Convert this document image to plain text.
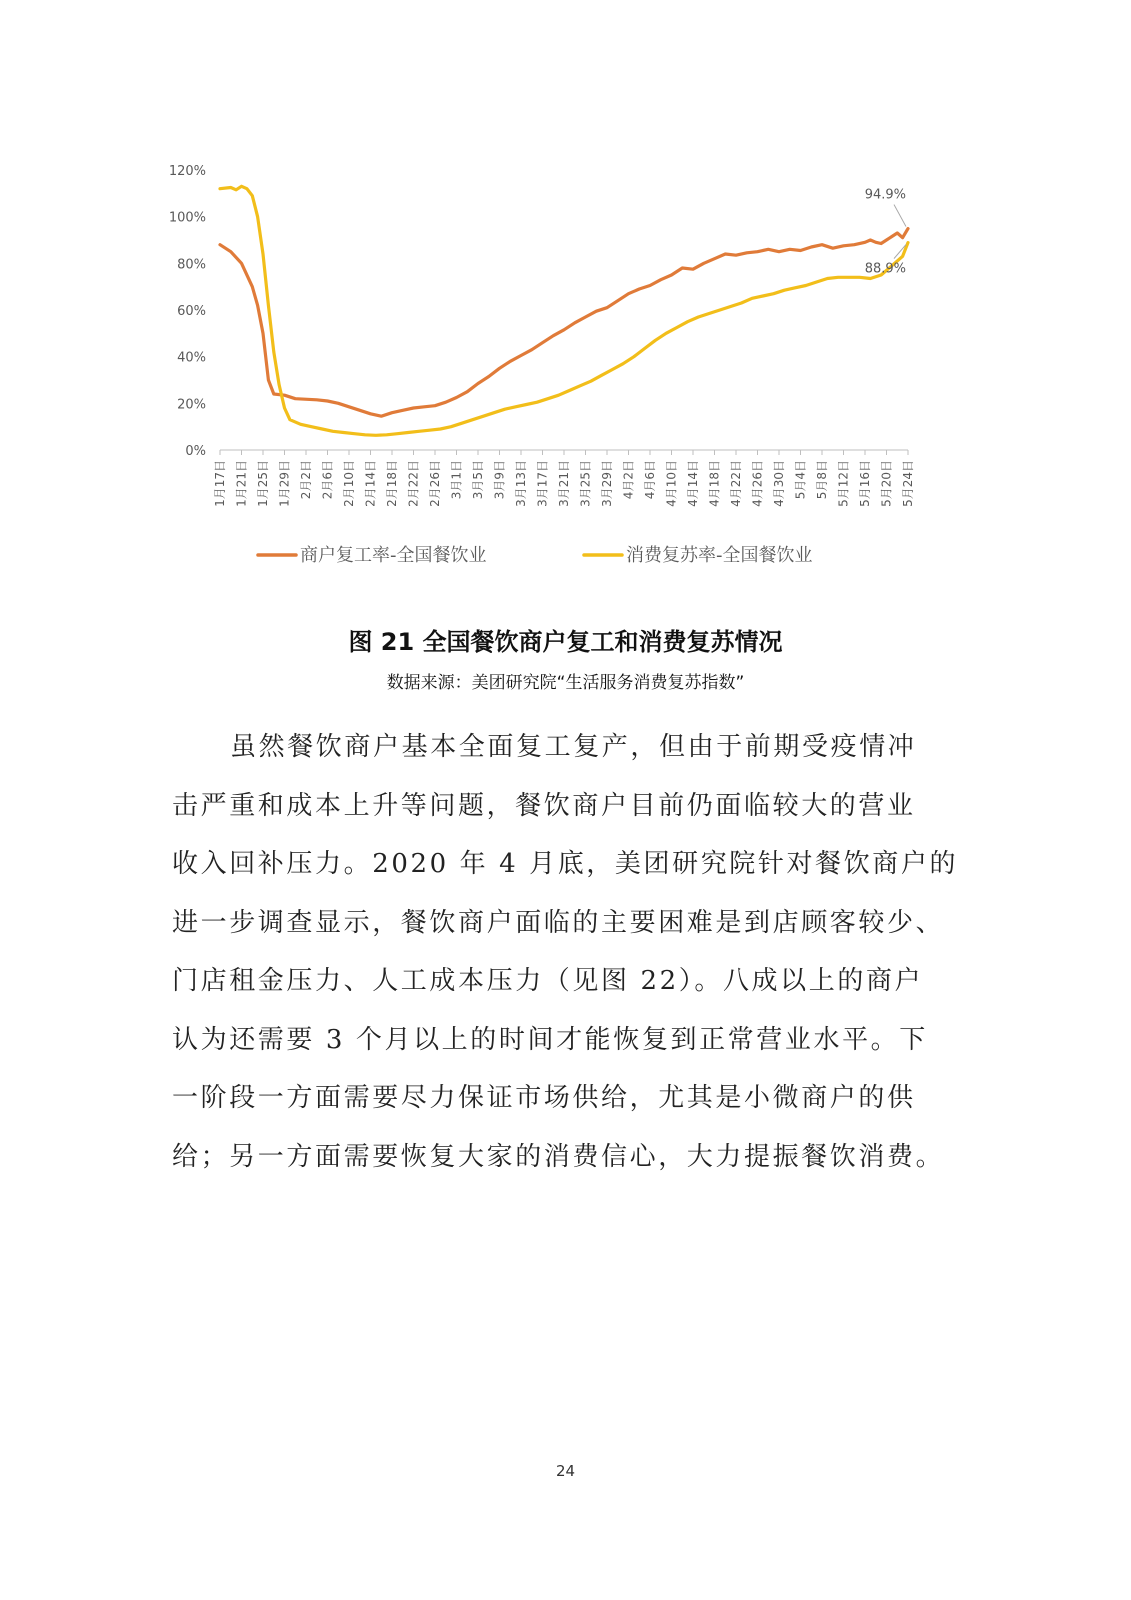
0%
20%
40%
60%
80%
100%
120%
1月17日 1月21日 1月25日 1月29日 2月2日 2月6日 2月10日 2月14日 2月18日 2月22日 2月26日 3月1日 3月5日 3月9日 3月13日 3月17日 3月21日 3月25日 3月29日 4月2日 4月6日 4月10日 4月14日 4月18日 4月22日 4月26日 4月30日 5月4日 5月8日 5月12日 5月16日 5月20日 5月24日
94.9%
88.9%
商户复工率-全国餐饮业	消费复苏率-全国餐饮业
图 21 全国餐饮商户复工和消费复苏情况
数据来源：美团研究院“生活服务消费复苏指数”
虽然餐饮商户基本全面复工复产，但由于前期受疫情冲
击严重和成本上升等问题，餐饮商户目前仍面临较大的营业
收入回补压力。2020 年 4 月底，美团研究院针对餐饮商户的
进一步调查显示，餐饮商户面临的主要困难是到店顾客较少、
门店租金压力、人工成本压力（见图 22）。八成以上的商户
认为还需要 3 个月以上的时间才能恢复到正常营业水平。下
一阶段一方面需要尽力保证市场供给，尤其是小微商户的供
给；另一方面需要恢复大家的消费信心，大力提振餐饮消费。
24
